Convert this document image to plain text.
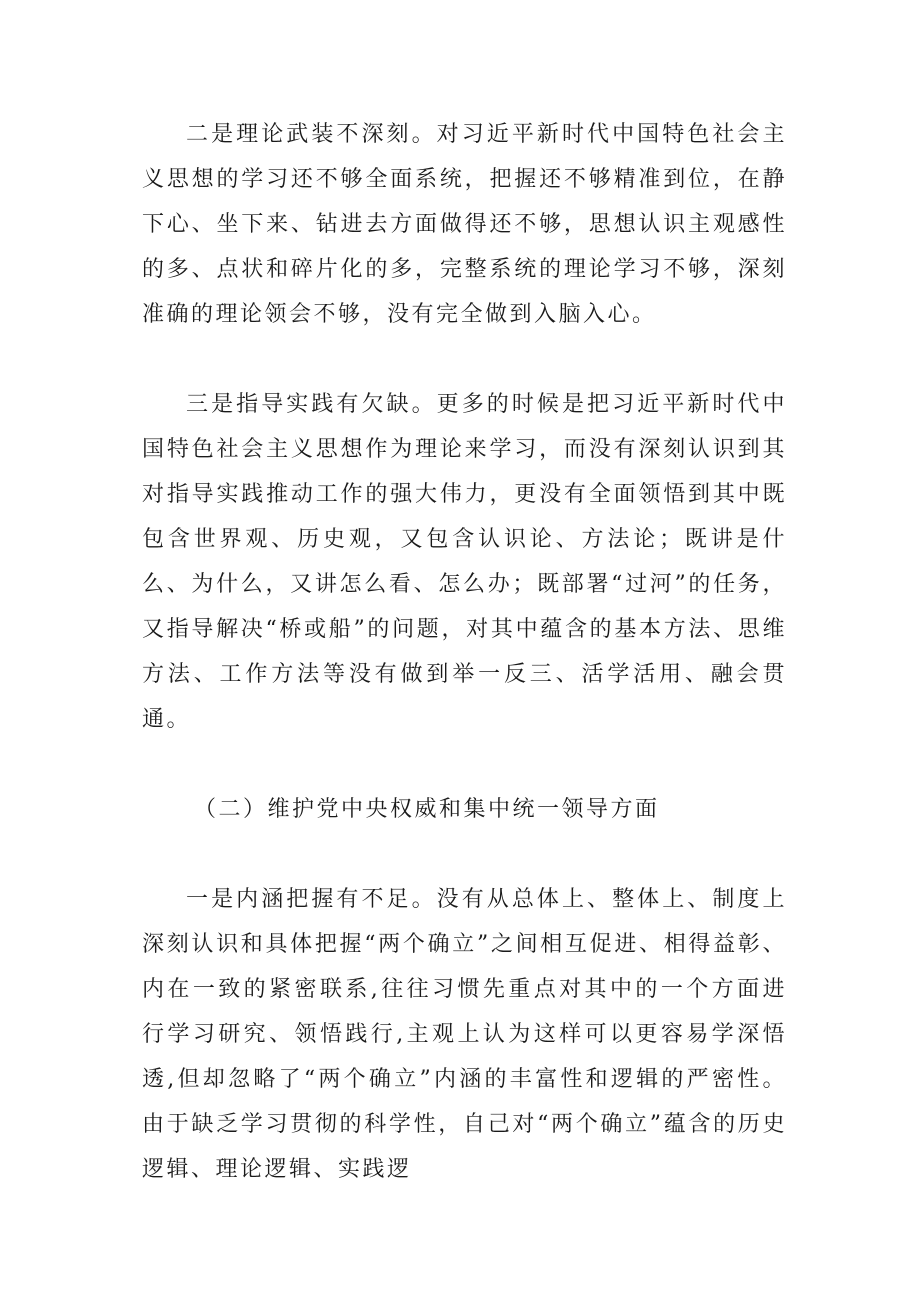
二是理论武装不深刻。对习近平新时代中国特色社会主义思想的学习还不够全面系统，把握还不够精准到位，在静下心、坐下来、钻进去方面做得还不够，思想认识主观感性的多、点状和碎片化的多，完整系统的理论学习不够，深刻准确的理论领会不够，没有完全做到入脑入心。

三是指导实践有欠缺。更多的时候是把习近平新时代中国特色社会主义思想作为理论来学习，而没有深刻认识到其对指导实践推动工作的强大伟力，更没有全面领悟到其中既包含世界观、历史观，又包含认识论、方法论；既讲是什么、为什么，又讲怎么看、怎么办；既部署“过河”的任务，又指导解决“桥或船”的问题，对其中蕴含的基本方法、思维方法、工作方法等没有做到举一反三、活学活用、融会贯通。

（二）维护党中央权威和集中统一领导方面

一是内涵把握有不足。没有从总体上、整体上、制度上深刻认识和具体把握“两个确立”之间相互促进、相得益彰、内在一致的紧密联系,往往习惯先重点对其中的一个方面进行学习研究、领悟践行,主观上认为这样可以更容易学深悟透,但却忽略了“两个确立”内涵的丰富性和逻辑的严密性。由于缺乏学习贯彻的科学性，自己对“两个确立”蕴含的历史逻辑、理论逻辑、实践逻
